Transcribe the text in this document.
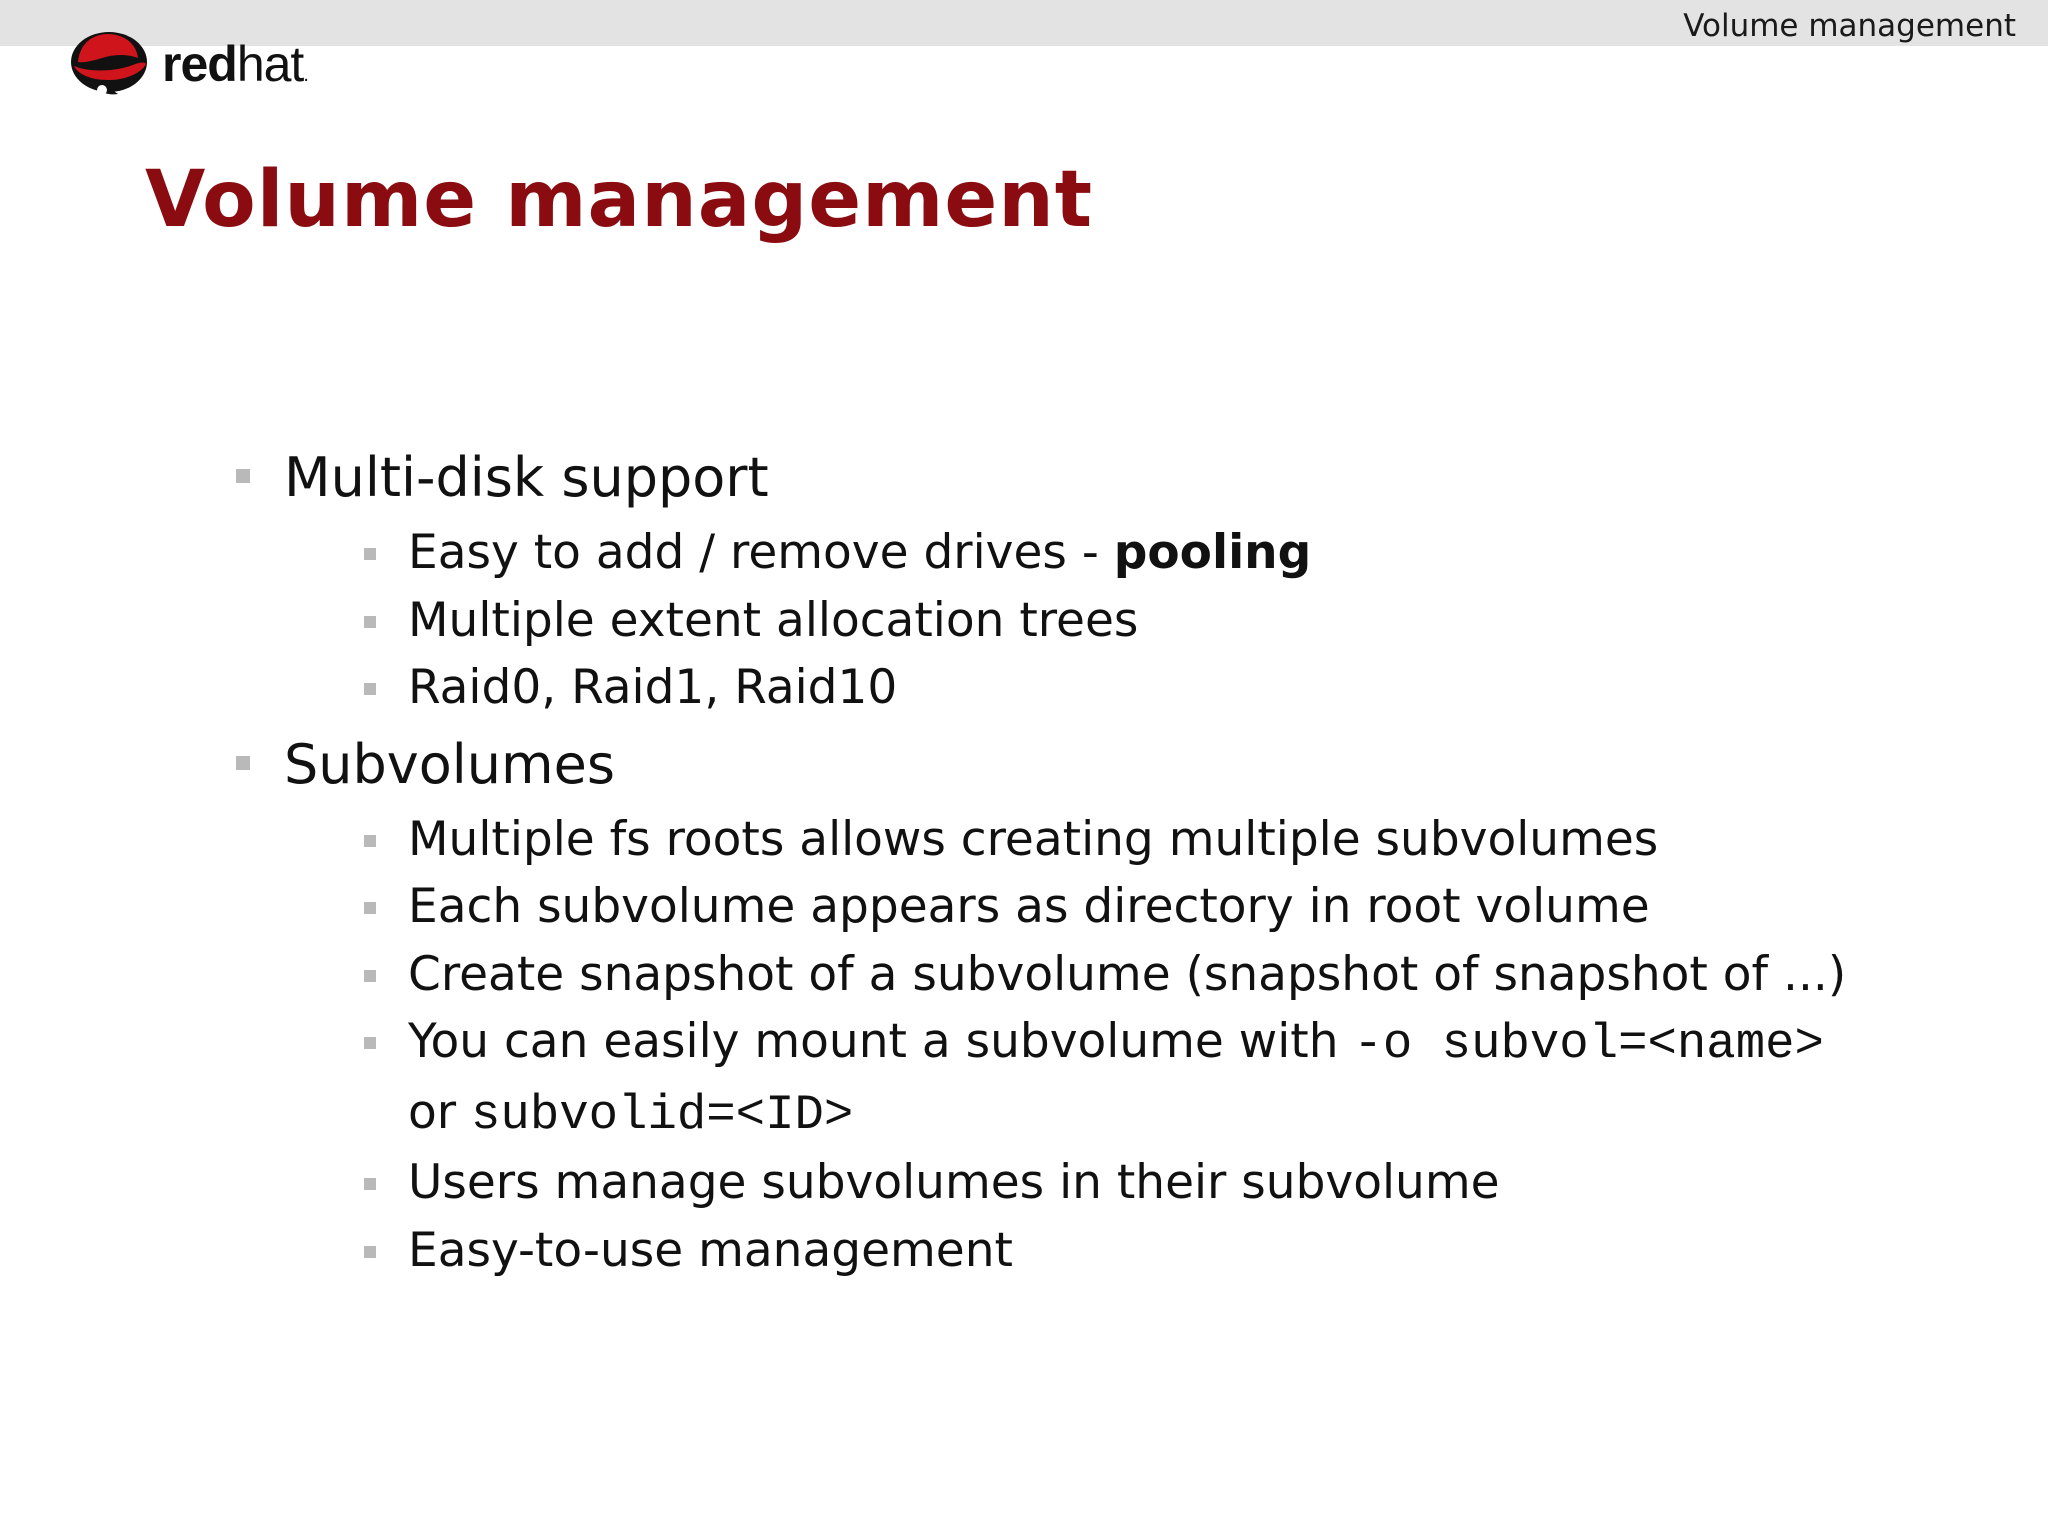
Volume management
redhat.
Volume management
Multi-disk support
Easy to add / remove drives - pooling
Multiple extent allocation trees
Raid0, Raid1, Raid10
Subvolumes
Multiple fs roots allows creating multiple subvolumes
Each subvolume appears as directory in root volume
Create snapshot of a subvolume (snapshot of snapshot of ...)
You can easily mount a subvolume with -o subvol=<name>
or subvolid=<ID>
Users manage subvolumes in their subvolume
Easy-to-use management
